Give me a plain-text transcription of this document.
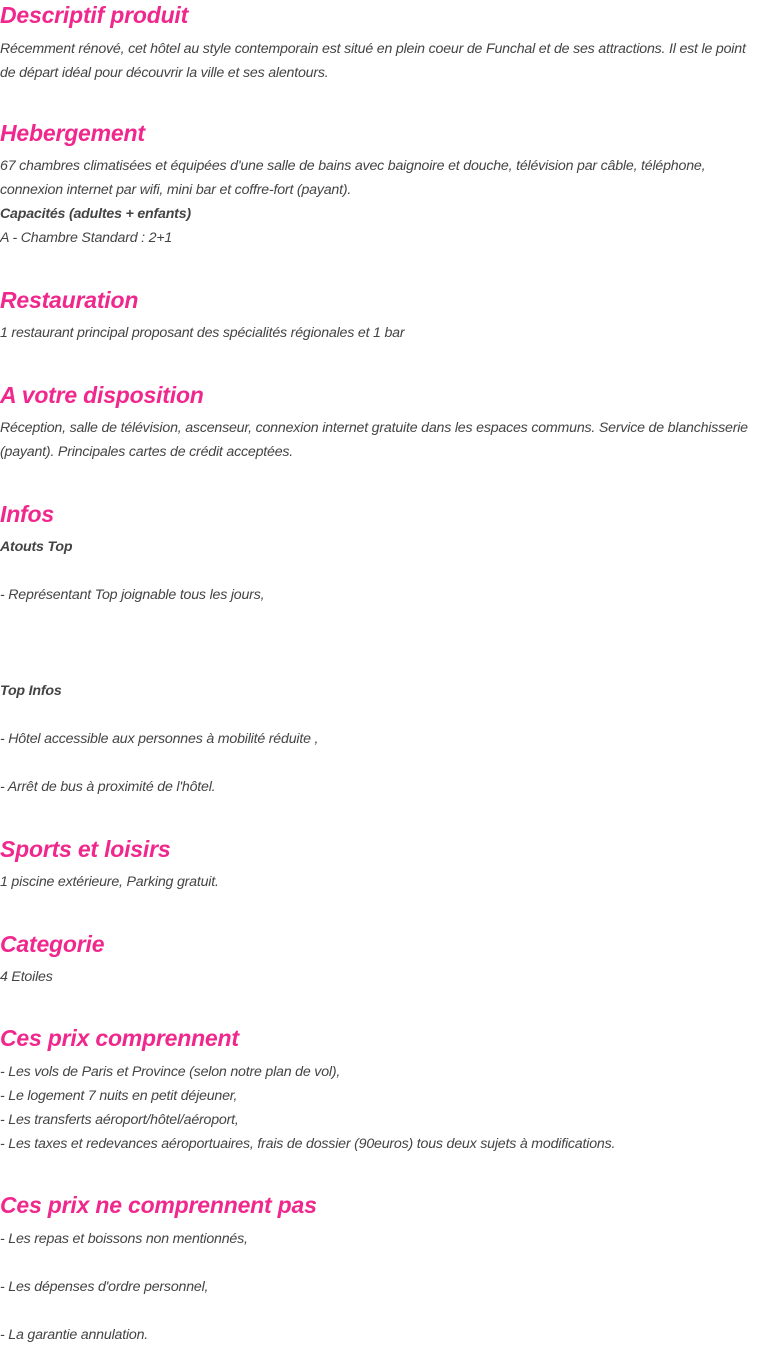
Descriptif produit

Récemment rénové, cet hôtel au style contemporain est situé en plein coeur de Funchal et de ses attractions. Il est le point de départ idéal pour découvrir la ville et ses alentours.

Hebergement

67 chambres climatisées et équipées d'une salle de bains avec baignoire et douche, télévision par câble, téléphone, connexion internet par wifi, mini bar et coffre-fort (payant).

Capacités (adultes + enfants)

A - Chambre Standard : 2+1

Restauration

1 restaurant principal proposant des spécialités régionales et 1 bar

A votre disposition

Réception, salle de télévision, ascenseur, connexion internet gratuite dans les espaces communs. Service de blanchisserie (payant). Principales cartes de crédit acceptées.

Infos

Atouts Top

- Représentant Top joignable tous les jours,

Top Infos

- Hôtel accessible aux personnes à mobilité réduite ,

- Arrêt de bus à proximité de l'hôtel.

Sports et loisirs

1 piscine extérieure, Parking gratuit.

Categorie

4 Etoiles

Ces prix comprennent

- Les vols de Paris et Province (selon notre plan de vol),

- Le logement 7 nuits en petit déjeuner,

- Les transferts aéroport/hôtel/aéroport,

- Les taxes et redevances aéroportuaires, frais de dossier (90euros) tous deux sujets à modifications.

Ces prix ne comprennent pas

- Les repas et boissons non mentionnés,

- Les dépenses d'ordre personnel,

- La garantie annulation.
